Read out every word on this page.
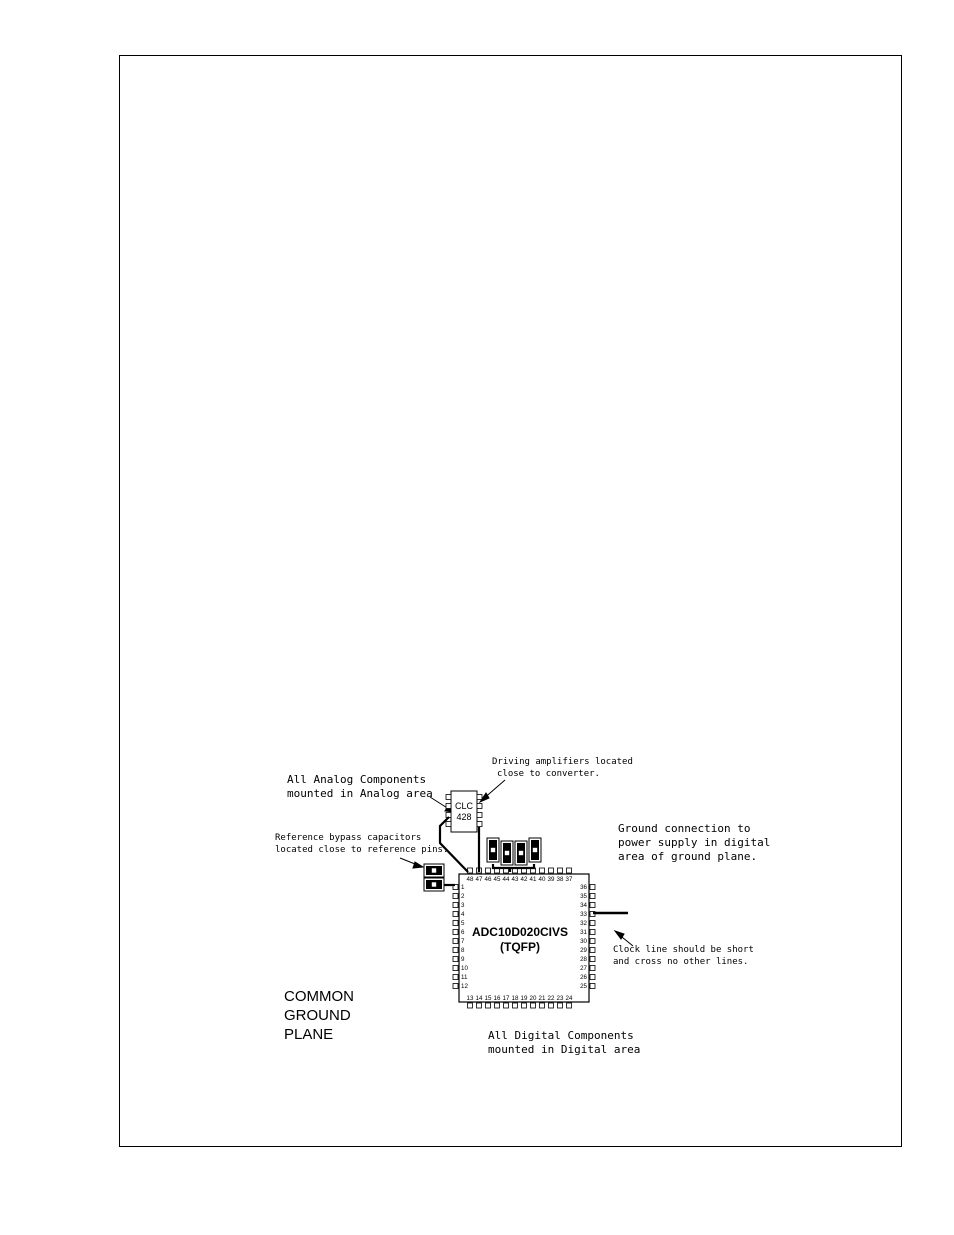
All Analog Components mounted in Analog area
Driving amplifiers located close to converter.
Reference bypass capacitors located close to reference pins.
Ground connection to power supply in digital area of ground plane.
Clock line should be short and cross no other lines.
COMMON GROUND PLANE	All Digital Components mounted in Digital area
1	36
2	35
3	34
4	33
5	32
6	31
7	30
8	29
9	28
10	27
11	26
12	25
48
13
47
14
46
15
45
16
44
17
43
18
42
19
41
20
40
21
39
22
38
23
37
24
ADC10D020CIVS
(TQFP)
CLC
428
